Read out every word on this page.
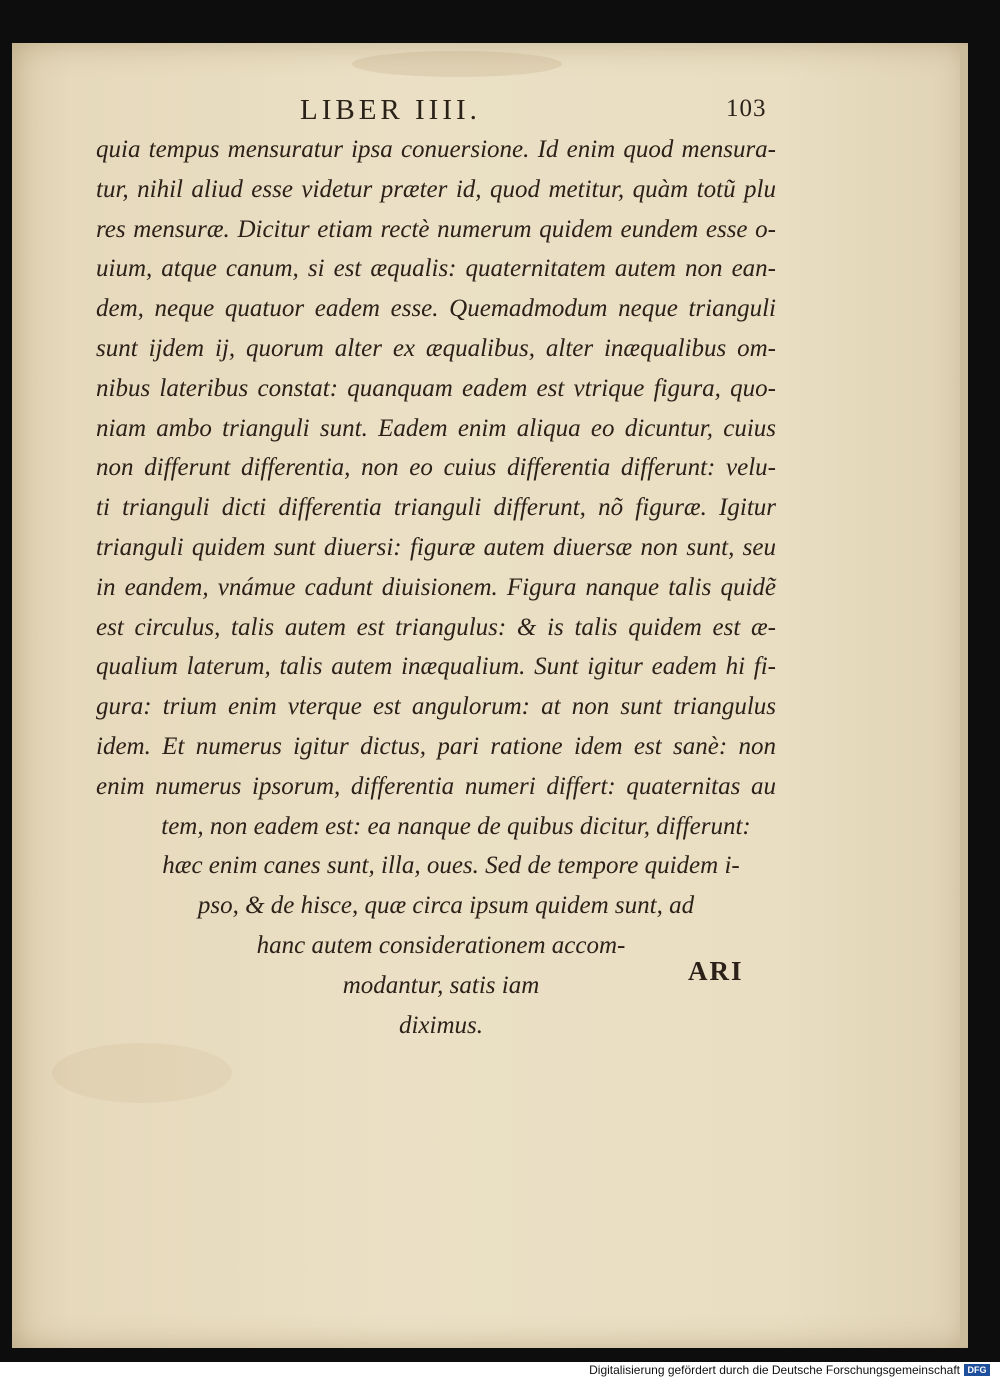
LIBER IIII.	103
quia tempus mensuratur ipsa conuersione. Id enim quod mensura-
tur, nihil aliud esse videtur præter id, quod metitur, quàm totũ plu
res mensuræ. Dicitur etiam rectè numerum quidem eundem esse o-
uium, atque canum, si est æqualis: quaternitatem autem non ean-
dem, neque quatuor eadem esse. Quemadmodum neque trianguli
sunt ijdem ij, quorum alter ex æqualibus, alter inæqualibus om-
nibus lateribus constat: quanquam eadem est vtrique figura, quo-
niam ambo trianguli sunt. Eadem enim aliqua eo dicuntur, cuius
non differunt differentia, non eo cuius differentia differunt: velu-
ti trianguli dicti differentia trianguli differunt, nõ figuræ. Igitur
trianguli quidem sunt diuersi: figuræ autem diuersæ non sunt, seu
in eandem, vnámue cadunt diuisionem. Figura nanque talis quidẽ
est circulus, talis autem est triangulus: & is talis quidem est æ-
qualium laterum, talis autem inæqualium. Sunt igitur eadem hi fi-
gura: trium enim vterque est angulorum: at non sunt triangulus
idem. Et numerus igitur dictus, pari ratione idem est sanè: non
enim numerus ipsorum, differentia numeri differt: quaternitas au
tem, non eadem est: ea nanque de quibus dicitur, differunt:
hæc enim canes sunt, illa, oues. Sed de tempore quidem i-
pso, & de hisce, quæ circa ipsum quidem sunt, ad
hanc autem considerationem accom-
modantur, satis iam
diximus.
ARI
Digitalisierung gefördert durch die Deutsche Forschungsgemeinschaft DFG
